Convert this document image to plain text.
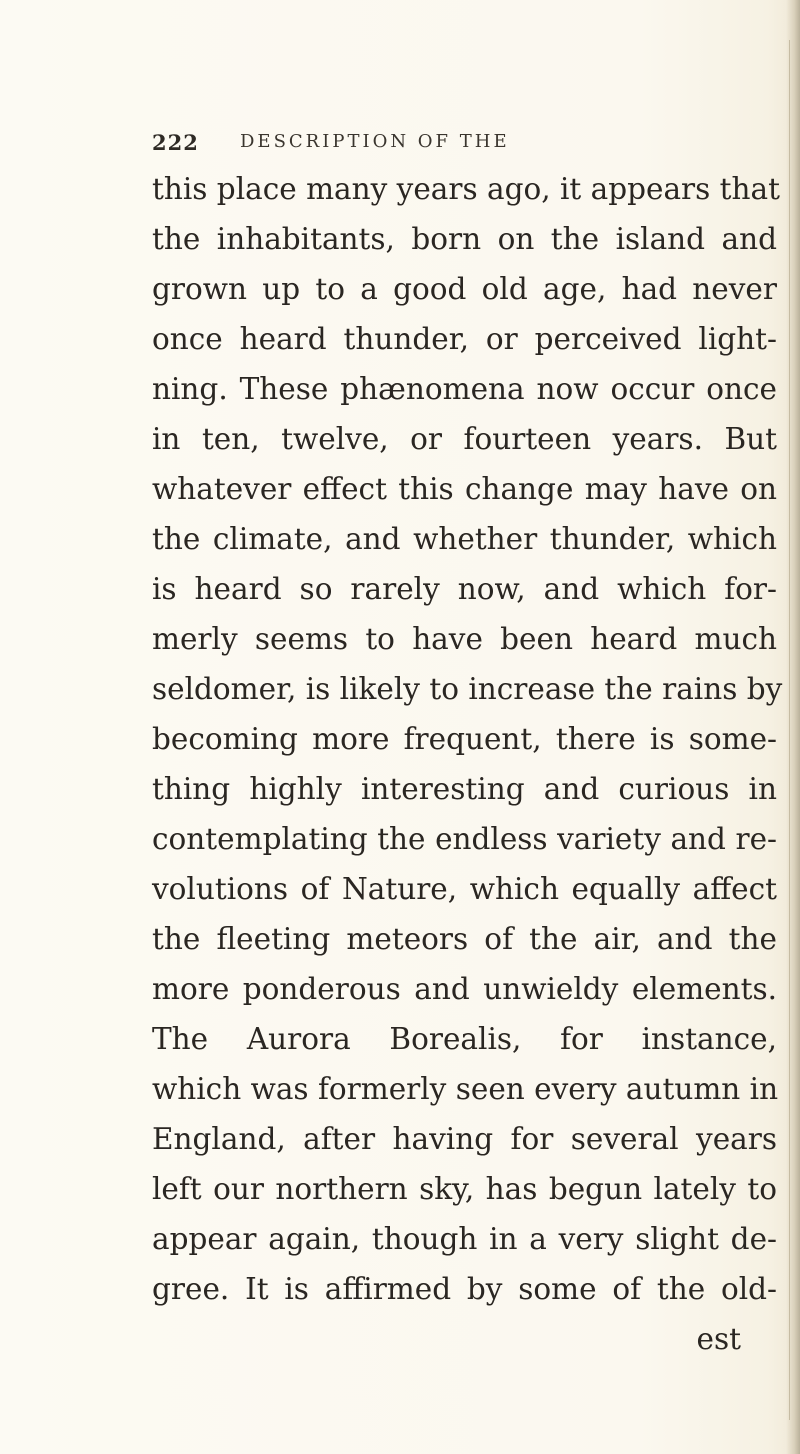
222 DESCRIPTION OF THE
this place many years ago, it appears that
the inhabitants, born on the island and
grown up to a good old age, had never
once heard thunder, or perceived light-
ning. These phænomena now occur once
in ten, twelve, or fourteen years. But
whatever effect this change may have on
the climate, and whether thunder, which
is heard so rarely now, and which for-
merly seems to have been heard much
seldomer, is likely to increase the rains by
becoming more frequent, there is some-
thing highly interesting and curious in
contemplating the endless variety and re-
volutions of Nature, which equally affect
the fleeting meteors of the air, and the
more ponderous and unwieldy elements.
The Aurora Borealis, for instance,
which was formerly seen every autumn in
England, after having for several years
left our northern sky, has begun lately to
appear again, though in a very slight de-
gree. It is affirmed by some of the old-
est
